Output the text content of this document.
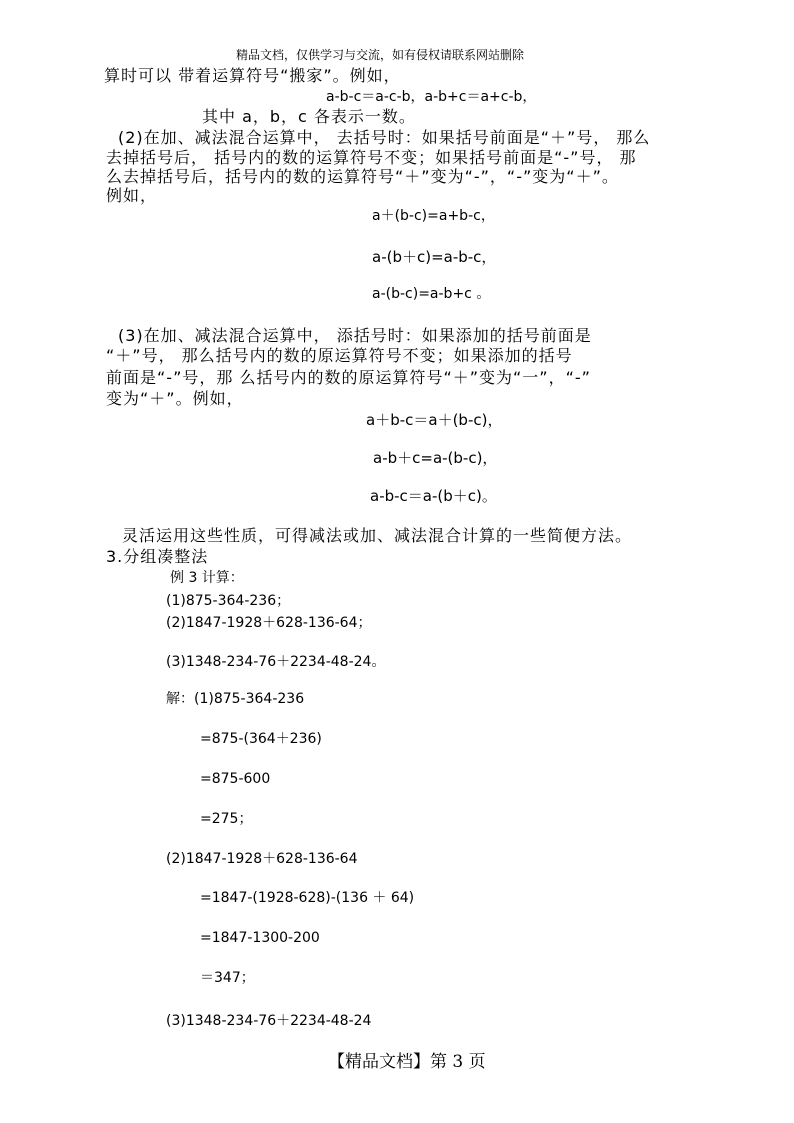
精品文档，仅供学习与交流，如有侵权请联系网站删除
算时可以 带着运算符号“搬家”。例如，
a-b-c＝a-c-b，a-b+c＝a+c-b，
其中 a，b，c 各表示一数。
(2)在加、减法混合运算中， 去括号时：如果括号前面是“＋”号， 那么
去掉括号后， 括号内的数的运算符号不变；如果括号前面是“-”号， 那
么去掉括号后，括号内的数的运算符号“＋”变为“-”，“-”变为“＋”。
例如，
a＋(b-c)=a+b-c，
a-(b＋c)=a-b-c，
a-(b-c)=a-b+c 。
(3)在加、减法混合运算中， 添括号时：如果添加的括号前面是
“＋”号， 那么括号内的数的原运算符号不变；如果添加的括号
前面是“-”号，那 么括号内的数的原运算符号“＋”变为“一”，“-”
变为“＋”。例如，
a＋b-c＝a＋(b-c)，
a-b＋c=a-(b-c)，
a-b-c＝a-(b＋c)。
灵活运用这些性质，可得减法或加、减法混合计算的一些简便方法。
3.分组凑整法
例 3 计算：
(1)875-364-236；
(2)1847-1928＋628-136-64；
(3)1348-234-76＋2234-48-24。
解：(1)875-364-236
=875-(364＋236)
=875-600
=275；
(2)1847-1928＋628-136-64
=1847-(1928-628)-(136 ＋ 64)
=1847-1300-200
＝347；
(3)1348-234-76＋2234-48-24
【精品文档】第 3 页
